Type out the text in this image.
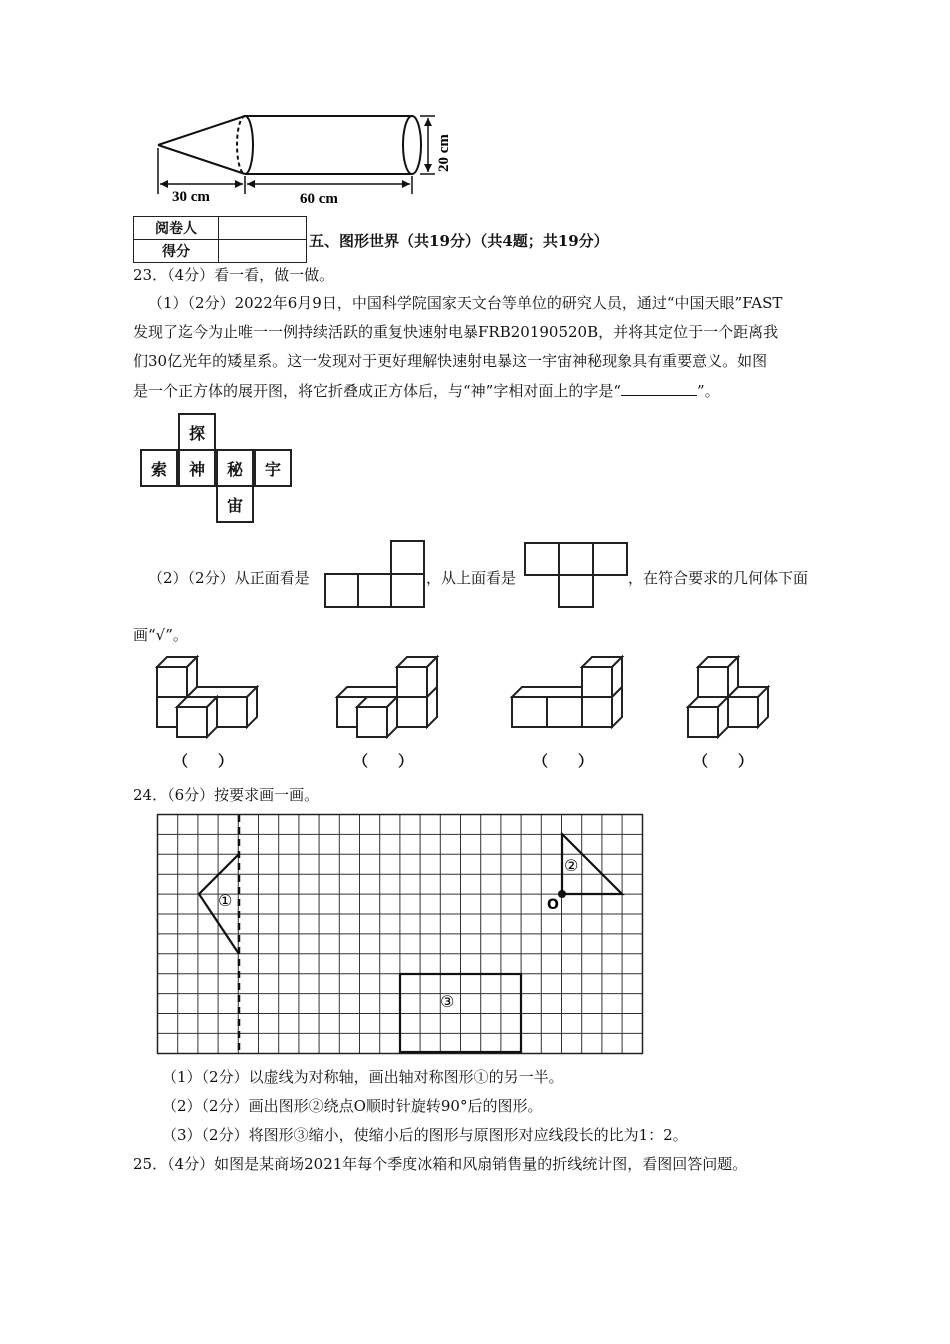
30 cm	60 cm
20 cm
阅卷人	
得分	
五、图形世界（共19分）（共4题；共19分）
23．（4分）看一看，做一做。
（1）（2分）2022年6月9日，中国科学院国家天文台等单位的研究人员，通过“中国天眼”FAST
发现了迄今为止唯一一例持续活跃的重复快速射电暴FRB20190520B，并将其定位于一个距离我
们30亿光年的矮星系。这一发现对于更好理解快速射电暴这一宇宙神秘现象具有重要意义。如图
是一个正方体的展开图，将它折叠成正方体后，与“神”字相对面上的字是“	”。
探
索	神	秘	宇
宙
（2）（2分）从正面看是	，从上面看是	，在符合要求的几何体下面
画“√”。
（　　）	（　　）	（　　）	（　　）
24．（6分）按要求画一画。
①
②
O
③
（1）（2分）以虚线为对称轴，画出轴对称图形①的另一半。
（2）（2分）画出图形②绕点O顺时针旋转90°后的图形。
（3）（2分）将图形③缩小，使缩小后的图形与原图形对应线段长的比为1：2。
25．（4分）如图是某商场2021年每个季度冰箱和风扇销售量的折线统计图，看图回答问题。
